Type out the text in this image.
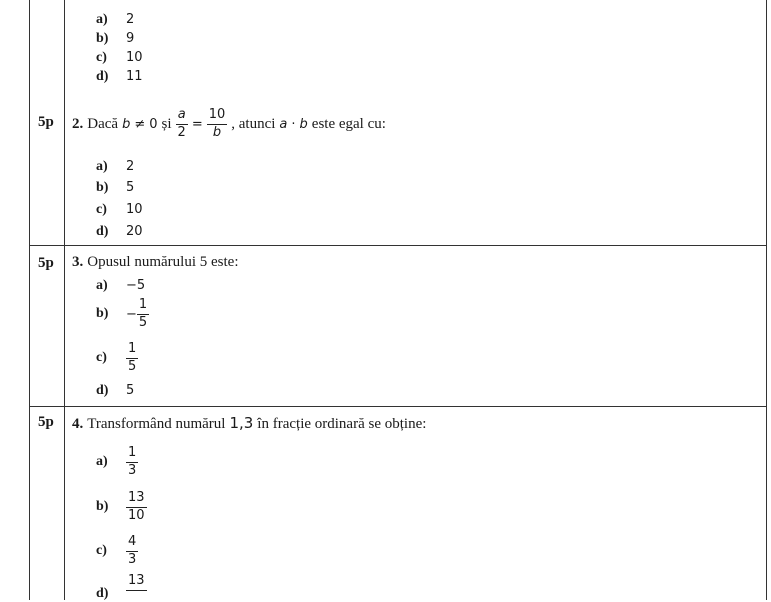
a) 2
b) 9
c) 10
d) 11
5p 2. Dacă b ≠ 0 și $\frac{a}{2} = \frac{10}{b}$ , atunci a · b este egal cu:
a) 2
b) 5
c) 10
d) 20
5p 3. Opusul numărului 5 este:
a) −5
b)	− $\frac{1}{5}$
c)	$\frac{1}{5}$
d) 5
5p 4. Transformând numărul 1,3 în fracție ordinară se obține:
a)	$\frac{1}{3}$
b)	$\frac{13}{10}$
c)	$\frac{4}{3}$
d)
13
